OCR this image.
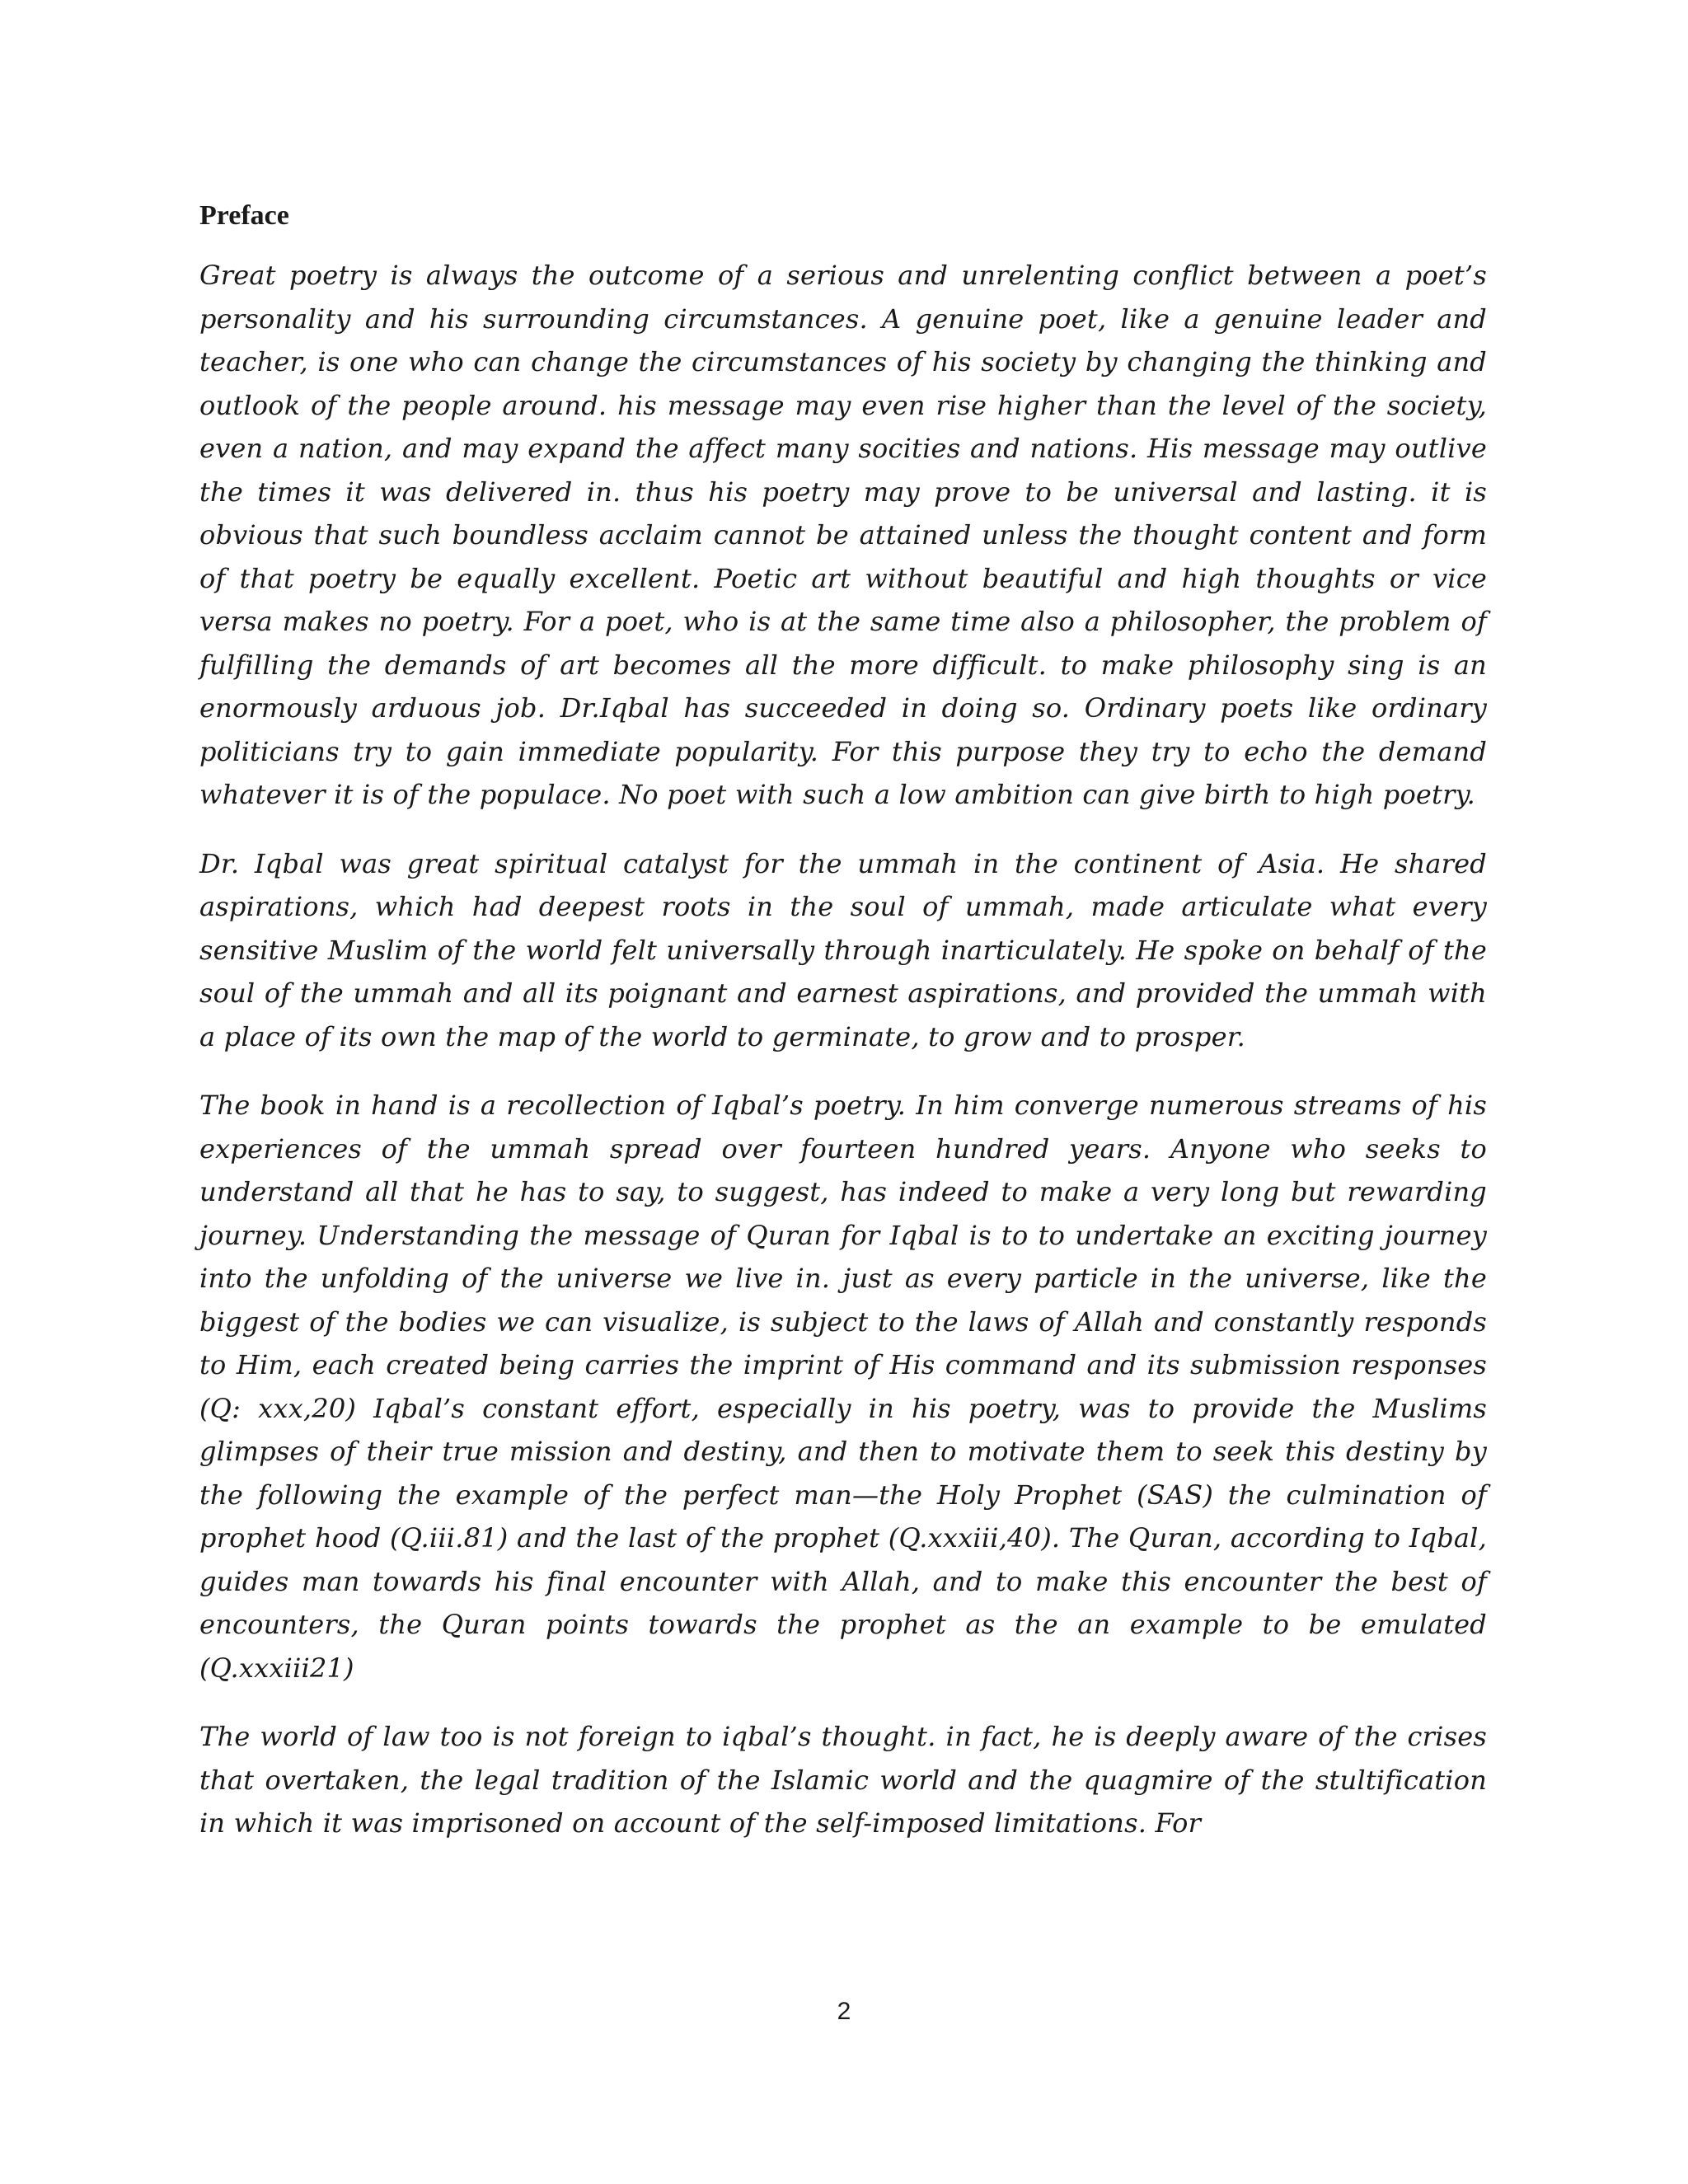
Preface

Great poetry is always the outcome of a serious and unrelenting conflict between a poet’s personality and his surrounding circumstances. A genuine poet, like a genuine leader and teacher, is one who can change the circumstances of his society by changing the thinking and outlook of the people around. his message may even rise higher than the level of the society, even a nation, and may expand the affect many socities and nations. His message may outlive the times it was delivered in. thus his poetry may prove to be universal and lasting. it is obvious that such boundless acclaim cannot be attained unless the thought content and form of that poetry be equally excellent. Poetic art without beautiful and high thoughts or vice versa makes no poetry. For a poet, who is at the same time also a philosopher, the problem of fulfilling the demands of art becomes all the more difficult. to make philosophy sing is an enormously arduous job. Dr.Iqbal has succeeded in doing so. Ordinary poets like ordinary politicians try to gain immediate popularity. For this purpose they try to echo the demand whatever it is of the populace. No poet with such a low ambition can give birth to high poetry.

Dr. Iqbal was great spiritual catalyst for the ummah in the continent of Asia. He shared aspirations, which had deepest roots in the soul of ummah, made articulate what every sensitive Muslim of the world felt universally through inarticulately. He spoke on behalf of the soul of the ummah and all its poignant and earnest aspirations, and provided the ummah with a place of its own the map of the world to germinate, to grow and to prosper.

The book in hand is a recollection of Iqbal’s poetry. In him converge numerous streams of his experiences of the ummah spread over fourteen hundred years. Anyone who seeks to understand all that he has to say, to suggest, has indeed to make a very long but rewarding journey. Understanding the message of Quran for Iqbal is to to undertake an exciting journey into the unfolding of the universe we live in. just as every particle in the universe, like the biggest of the bodies we can visualize, is subject to the laws of Allah and constantly responds to Him, each created being carries the imprint of His command and its submission responses (Q: xxx,20) Iqbal’s constant effort, especially in his poetry, was to provide the Muslims glimpses of their true mission and destiny, and then to motivate them to seek this destiny by the following the example of the perfect man—the Holy Prophet (SAS) the culmination of prophet hood (Q.iii.81) and the last of the prophet (Q.xxxiii,40). The Quran, according to Iqbal, guides man towards his final encounter with Allah, and to make this encounter the best of encounters, the Quran points towards the prophet as the an example to be emulated (Q.xxxiii21)

The world of law too is not foreign to iqbal’s thought. in fact, he is deeply aware of the crises that overtaken, the legal tradition of the Islamic world and the quagmire of the stultification in which it was imprisoned on account of the self-imposed limitations. For

2
